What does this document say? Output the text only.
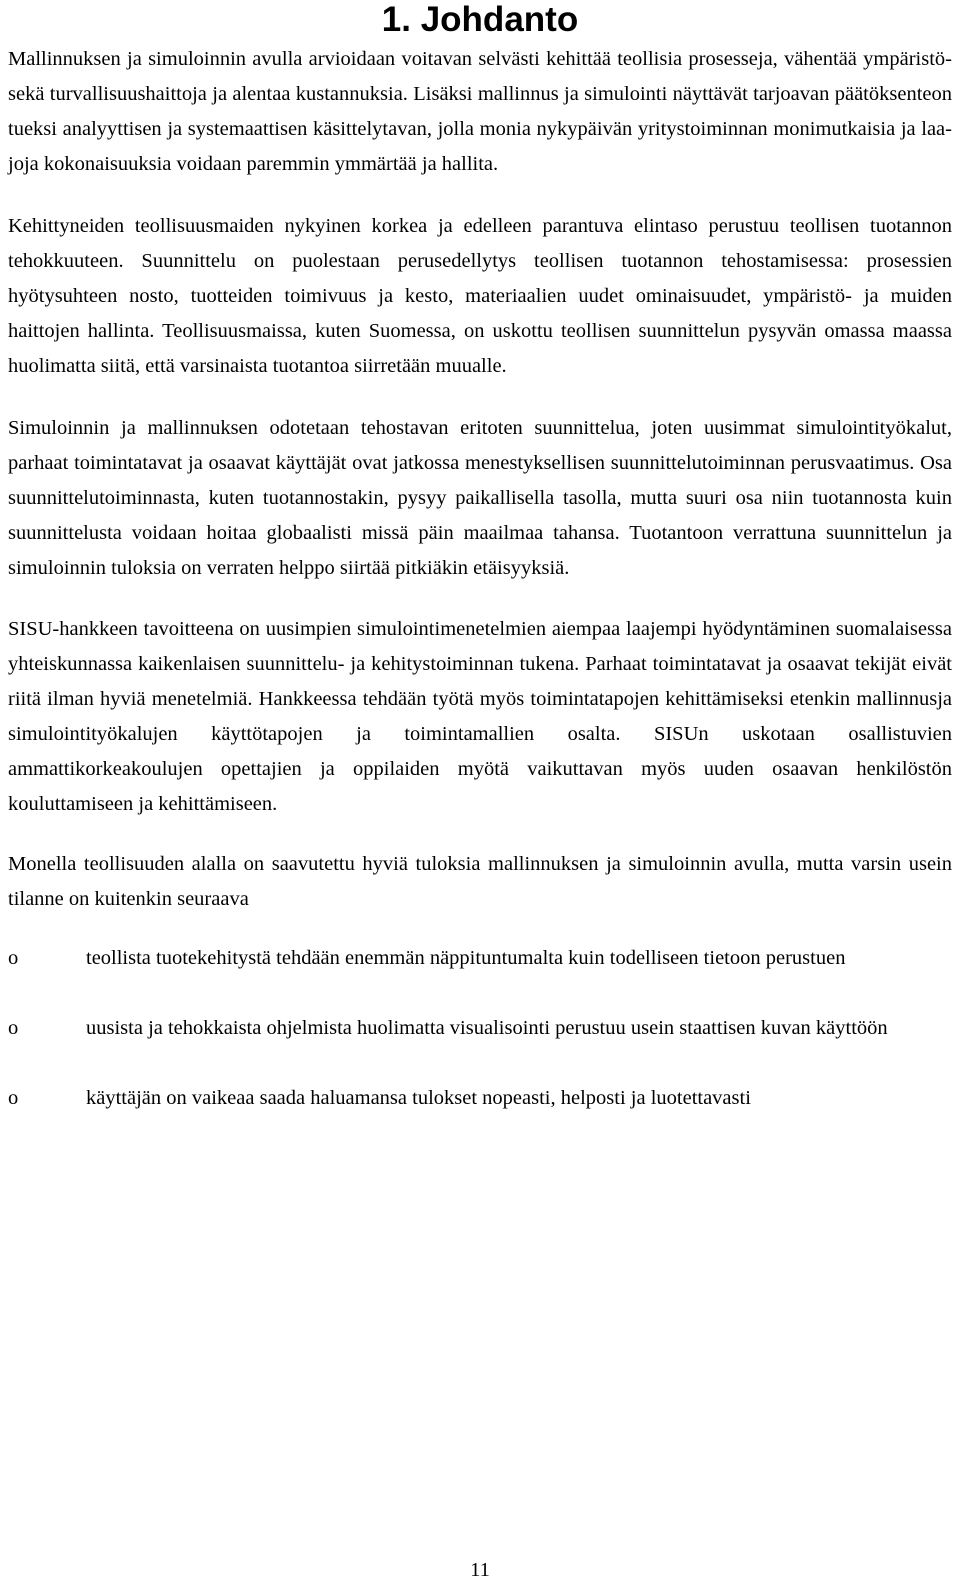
1. Johdanto

Mallinnuksen ja simuloinnin avulla arvioidaan voitavan selvästi kehittää teollisia prosesseja, vähentää ympäristö- sekä turvallisuushaittoja ja alentaa kustannuksia. Lisäksi mallinnus ja simulointi näyttävät tarjoavan päätöksenteon tueksi analyyttisen ja systemaattisen käsittelytavan, jolla monia nykypäivän yritystoiminnan monimutkaisia ja laajoja kokonaisuuksia voidaan paremmin ymmärtää ja hallita.

Kehittyneiden teollisuusmaiden nykyinen korkea ja edelleen parantuva elintaso perustuu teollisen tuotannon tehokkuuteen. Suunnittelu on puolestaan perusedellytys teollisen tuotannon tehostamisessa: prosessien hyötysuhteen nosto, tuotteiden toimivuus ja kesto, materiaalien uudet ominaisuudet, ympäristö- ja muiden haittojen hallinta. Teollisuusmaissa, kuten Suomessa, on uskottu teollisen suunnittelun pysyvän omassa maassa huolimatta siitä, että varsinaista tuotantoa siirretään muualle.

Simuloinnin ja mallinnuksen odotetaan tehostavan eritoten suunnittelua, joten uusimmat simulointityökalut, parhaat toimintatavat ja osaavat käyttäjät ovat jatkossa menestyksellisen suunnittelutoiminnan perusvaatimus. Osa suunnittelutoiminnasta, kuten tuotannostakin, pysyy paikallisella tasolla, mutta suuri osa niin tuotannosta kuin suunnittelusta voidaan hoitaa globaalisti missä päin maailmaa tahansa. Tuotantoon verrattuna suunnittelun ja simuloinnin tuloksia on verraten helppo siirtää pitkiäkin etäisyyksiä.

SISU-hankkeen tavoitteena on uusimpien simulointimenetelmien aiempaa laajempi hyödyntäminen suomalaisessa yhteiskunnassa kaikenlaisen suunnittelu- ja kehitystoiminnan tukena. Parhaat toimintatavat ja osaavat tekijät eivät riitä ilman hyviä menetelmiä. Hankkeessa tehdään työtä myös toimintatapojen kehittämiseksi etenkin mallinnusja simulointityökalujen käyttötapojen ja toimintamallien osalta. SISUn uskotaan osallistuvien ammattikorkeakoulujen opettajien ja oppilaiden myötä vaikuttavan myös uuden osaavan henkilöstön kouluttamiseen ja kehittämiseen.

Monella teollisuuden alalla on saavutettu hyviä tuloksia mallinnuksen ja simuloinnin avulla, mutta varsin usein tilanne on kuitenkin seuraava

o	teollista tuotekehitystä tehdään enemmän näppituntumalta kuin todelliseen tietoon perustuen
o	uusista ja tehokkaista ohjelmista huolimatta visualisointi perustuu usein staattisen kuvan käyttöön
o	käyttäjän on vaikeaa saada haluamansa tulokset nopeasti, helposti ja luotettavasti
11
